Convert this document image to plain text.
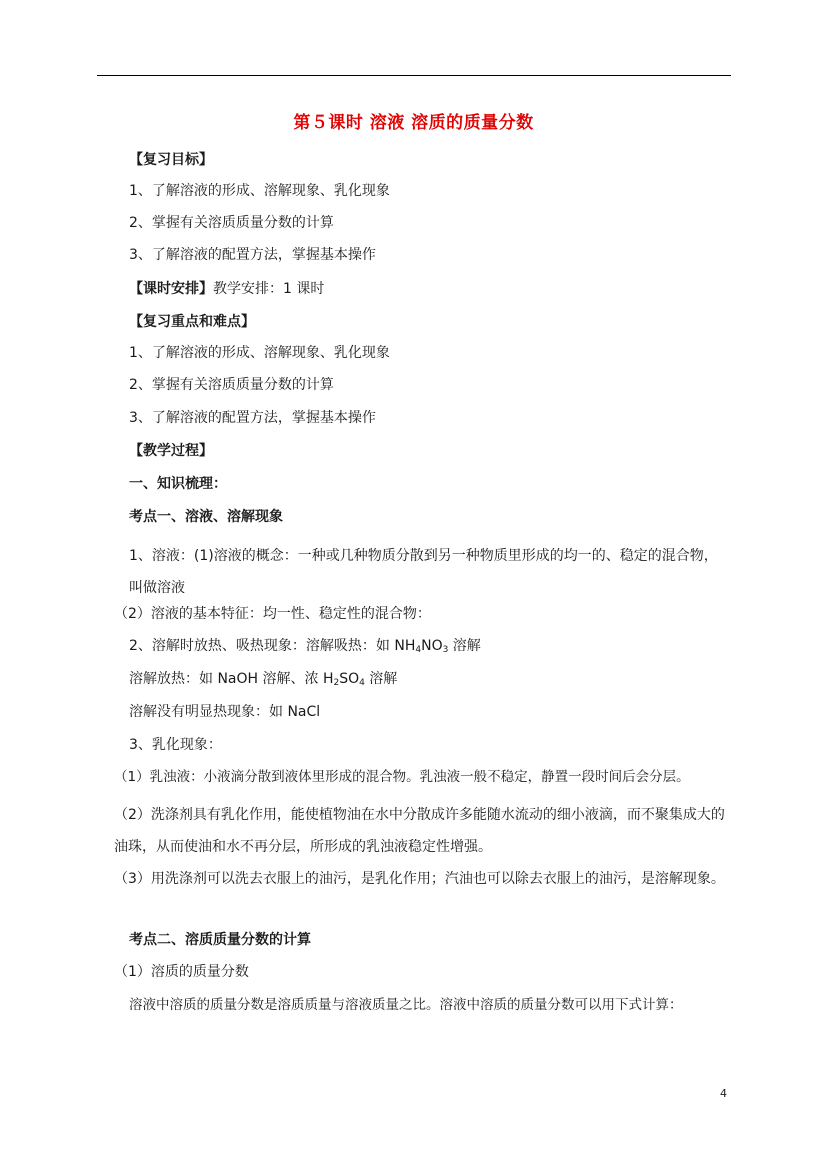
第５课时 溶液 溶质的质量分数
【复习目标】
1、了解溶液的形成、溶解现象、乳化现象
2、掌握有关溶质质量分数的计算
3、了解溶液的配置方法，掌握基本操作
【课时安排】教学安排：1 课时
【复习重点和难点】
1、了解溶液的形成、溶解现象、乳化现象
2、掌握有关溶质质量分数的计算
3、了解溶液的配置方法，掌握基本操作
【教学过程】
一、知识梳理：
考点一、溶液、溶解现象
1、溶液：(1)溶液的概念：一种或几种物质分散到另一种物质里形成的均一的、稳定的混合物，叫做溶液
（2）溶液的基本特征：均一性、稳定性的混合物：
2、溶解时放热、吸热现象：溶解吸热：如 $NH_4NO_3$ 溶解
溶解放热：如 NaOH 溶解、浓 $H_2SO_4$ 溶解
溶解没有明显热现象：如 NaCl
3、乳化现象：
（1）乳浊液：小液滴分散到液体里形成的混合物。乳浊液一般不稳定，静置一段时间后会分层。
（2）洗涤剂具有乳化作用，能使植物油在水中分散成许多能随水流动的细小液滴，而不聚集成大的油珠，从而使油和水不再分层，所形成的乳浊液稳定性增强。
（3）用洗涤剂可以洗去衣服上的油污，是乳化作用；汽油也可以除去衣服上的油污，是溶解现象。
考点二、溶质质量分数的计算
（1）溶质的质量分数
溶液中溶质的质量分数是溶质质量与溶液质量之比。溶液中溶质的质量分数可以用下式计算：
4
